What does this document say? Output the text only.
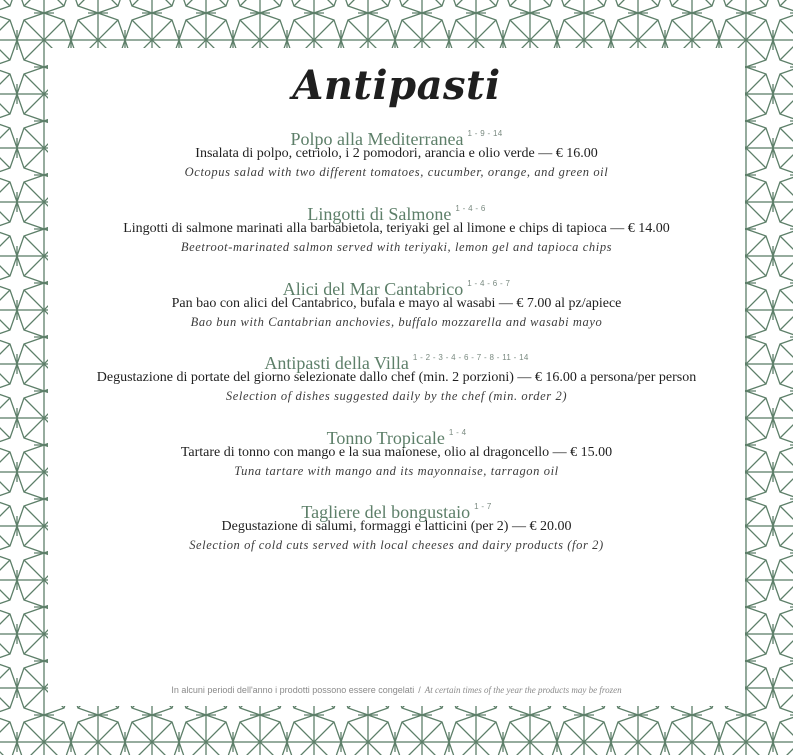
Antipasti
Polpo alla Mediterranea $^{1 - 9 - 14}$
Insalata di polpo, cetriolo, i 2 pomodori, arancia e olio verde — € 16.00
Octopus salad with two different tomatoes, cucumber, orange, and green oil
Lingotti di Salmone $^{1 - 4 - 6}$
Lingotti di salmone marinati alla barbabietola, teriyaki gel al limone e chips di tapioca — € 14.00
Beetroot-marinated salmon served with teriyaki, lemon gel and tapioca chips
Alici del Mar Cantabrico $^{1 - 4 - 6 - 7}$
Pan bao con alici del Cantabrico, bufala e mayo al wasabi — € 7.00 al pz/apiece
Bao bun with Cantabrian anchovies, buffalo mozzarella and wasabi mayo
Antipasti della Villa $^{1 - 2 - 3 - 4 - 6 - 7 - 8 - 11 - 14}$
Degustazione di portate del giorno selezionate dallo chef (min. 2 porzioni) — € 16.00 a persona/per person
Selection of dishes suggested daily by the chef (min. order 2)
Tonno Tropicale $^{1 - 4}$
Tartare di tonno con mango e la sua maionese, olio al dragoncello — € 15.00
Tuna tartare with mango and its mayonnaise, tarragon oil
Tagliere del bongustaio $^{1 - 7}$
Degustazione di salumi, formaggi e latticini (per 2) — € 20.00
Selection of cold cuts served with local cheeses and dairy products (for 2)
In alcuni periodi dell'anno i prodotti possono essere congelati / At certain times of the year the products may be frozen
